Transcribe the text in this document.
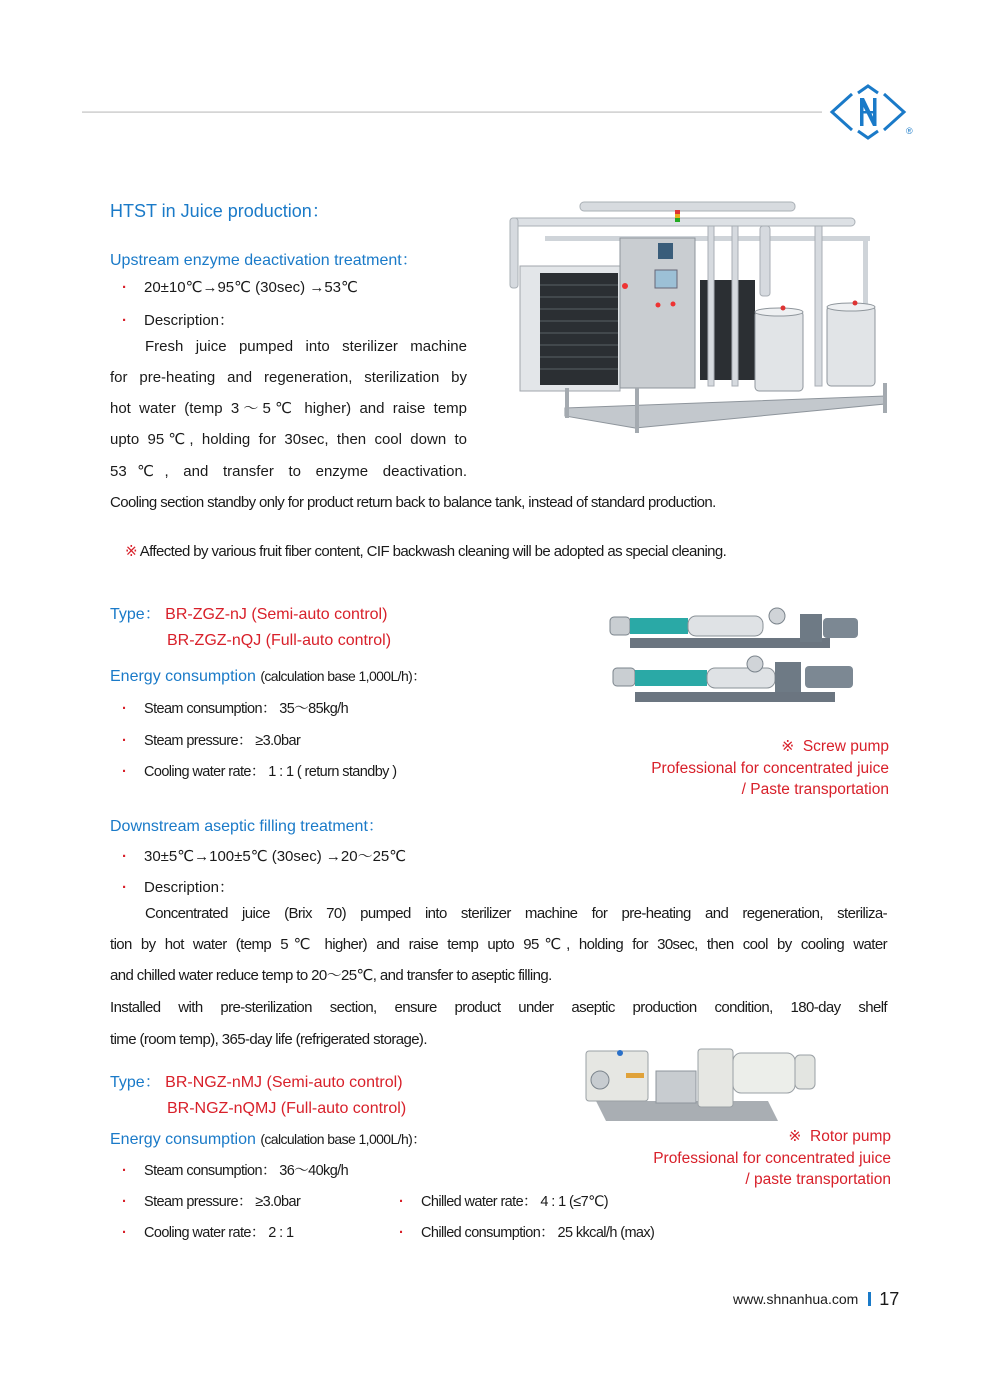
®
HTST in Juice production：
Upstream enzyme deactivation treatment：
· 20±10℃→95℃ (30sec) →53℃
· Description：
Fresh juice pumped into sterilizer machine
for pre-heating and regeneration, sterilization by
hot water (temp 3～5℃ higher) and raise temp
upto 95℃, holding for 30sec, then cool down to
53℃, and transfer to enzyme deactivation.
Cooling section standby only for product return back to balance tank, instead of standard production.
※ Affected by various fruit fiber content, CIF backwash cleaning will be adopted as special cleaning.
Type： BR-ZGZ-nJ (Semi-auto control)
BR-ZGZ-nQJ (Full-auto control)
Energy consumption (calculation base 1,000L/h)：
· Steam consumption： 35～85kg/h
· Steam pressure： ≥3.0bar
· Cooling water rate： 1 : 1 ( return standby )
※ Screw pump
Professional for concentrated juice
/ Paste transportation
Downstream aseptic filling treatment：
· 30±5℃→100±5℃ (30sec) →20～25℃
· Description：
Concentrated juice (Brix 70) pumped into sterilizer machine for pre-heating and regeneration, steriliza-
tion by hot water (temp 5℃ higher) and raise temp upto 95℃, holding for 30sec, then cool by cooling water
and chilled water reduce temp to 20～25℃, and transfer to aseptic filling.
Installed with pre-sterilization section, ensure product under aseptic production condition, 180-day shelf
time (room temp), 365-day life (refrigerated storage).
Type： BR-NGZ-nMJ (Semi-auto control)
BR-NGZ-nQMJ (Full-auto control)
Energy consumption (calculation base 1,000L/h)：
· Steam consumption： 36～40kg/h
· Steam pressure： ≥3.0bar
· Cooling water rate： 2 : 1
· Chilled water rate： 4 : 1 (≤7℃)
· Chilled consumption： 25 kkcal/h (max)
※ Rotor pump
Professional for concentrated juice
/ paste transportation
www.shnanhua.com 17
